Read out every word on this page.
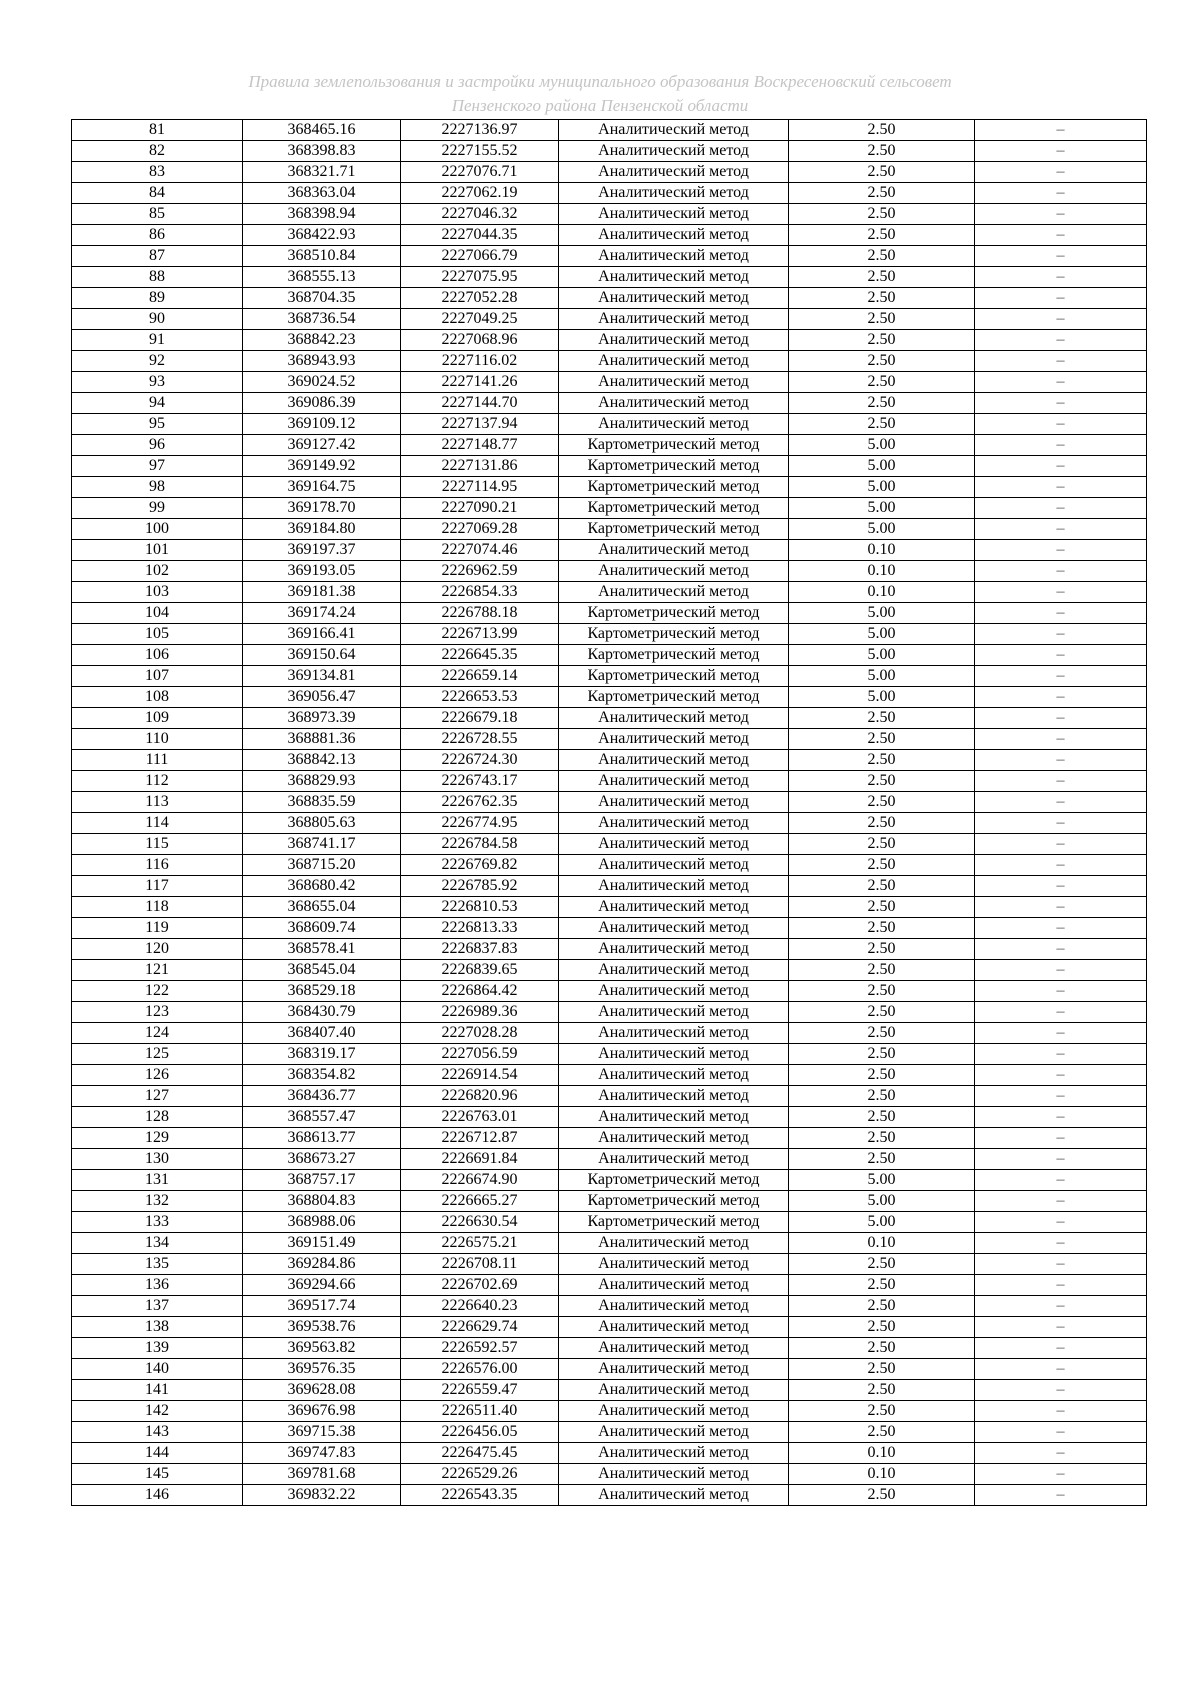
Правила землепользования и застройки муниципального образования Воскресеновский сельсовет
Пензенского района Пензенской области
81	368465.16	2227136.97	Аналитический метод	2.50	–
82	368398.83	2227155.52	Аналитический метод	2.50	–
83	368321.71	2227076.71	Аналитический метод	2.50	–
84	368363.04	2227062.19	Аналитический метод	2.50	–
85	368398.94	2227046.32	Аналитический метод	2.50	–
86	368422.93	2227044.35	Аналитический метод	2.50	–
87	368510.84	2227066.79	Аналитический метод	2.50	–
88	368555.13	2227075.95	Аналитический метод	2.50	–
89	368704.35	2227052.28	Аналитический метод	2.50	–
90	368736.54	2227049.25	Аналитический метод	2.50	–
91	368842.23	2227068.96	Аналитический метод	2.50	–
92	368943.93	2227116.02	Аналитический метод	2.50	–
93	369024.52	2227141.26	Аналитический метод	2.50	–
94	369086.39	2227144.70	Аналитический метод	2.50	–
95	369109.12	2227137.94	Аналитический метод	2.50	–
96	369127.42	2227148.77	Картометрический метод	5.00	–
97	369149.92	2227131.86	Картометрический метод	5.00	–
98	369164.75	2227114.95	Картометрический метод	5.00	–
99	369178.70	2227090.21	Картометрический метод	5.00	–
100	369184.80	2227069.28	Картометрический метод	5.00	–
101	369197.37	2227074.46	Аналитический метод	0.10	–
102	369193.05	2226962.59	Аналитический метод	0.10	–
103	369181.38	2226854.33	Аналитический метод	0.10	–
104	369174.24	2226788.18	Картометрический метод	5.00	–
105	369166.41	2226713.99	Картометрический метод	5.00	–
106	369150.64	2226645.35	Картометрический метод	5.00	–
107	369134.81	2226659.14	Картометрический метод	5.00	–
108	369056.47	2226653.53	Картометрический метод	5.00	–
109	368973.39	2226679.18	Аналитический метод	2.50	–
110	368881.36	2226728.55	Аналитический метод	2.50	–
111	368842.13	2226724.30	Аналитический метод	2.50	–
112	368829.93	2226743.17	Аналитический метод	2.50	–
113	368835.59	2226762.35	Аналитический метод	2.50	–
114	368805.63	2226774.95	Аналитический метод	2.50	–
115	368741.17	2226784.58	Аналитический метод	2.50	–
116	368715.20	2226769.82	Аналитический метод	2.50	–
117	368680.42	2226785.92	Аналитический метод	2.50	–
118	368655.04	2226810.53	Аналитический метод	2.50	–
119	368609.74	2226813.33	Аналитический метод	2.50	–
120	368578.41	2226837.83	Аналитический метод	2.50	–
121	368545.04	2226839.65	Аналитический метод	2.50	–
122	368529.18	2226864.42	Аналитический метод	2.50	–
123	368430.79	2226989.36	Аналитический метод	2.50	–
124	368407.40	2227028.28	Аналитический метод	2.50	–
125	368319.17	2227056.59	Аналитический метод	2.50	–
126	368354.82	2226914.54	Аналитический метод	2.50	–
127	368436.77	2226820.96	Аналитический метод	2.50	–
128	368557.47	2226763.01	Аналитический метод	2.50	–
129	368613.77	2226712.87	Аналитический метод	2.50	–
130	368673.27	2226691.84	Аналитический метод	2.50	–
131	368757.17	2226674.90	Картометрический метод	5.00	–
132	368804.83	2226665.27	Картометрический метод	5.00	–
133	368988.06	2226630.54	Картометрический метод	5.00	–
134	369151.49	2226575.21	Аналитический метод	0.10	–
135	369284.86	2226708.11	Аналитический метод	2.50	–
136	369294.66	2226702.69	Аналитический метод	2.50	–
137	369517.74	2226640.23	Аналитический метод	2.50	–
138	369538.76	2226629.74	Аналитический метод	2.50	–
139	369563.82	2226592.57	Аналитический метод	2.50	–
140	369576.35	2226576.00	Аналитический метод	2.50	–
141	369628.08	2226559.47	Аналитический метод	2.50	–
142	369676.98	2226511.40	Аналитический метод	2.50	–
143	369715.38	2226456.05	Аналитический метод	2.50	–
144	369747.83	2226475.45	Аналитический метод	0.10	–
145	369781.68	2226529.26	Аналитический метод	0.10	–
146	369832.22	2226543.35	Аналитический метод	2.50	–
